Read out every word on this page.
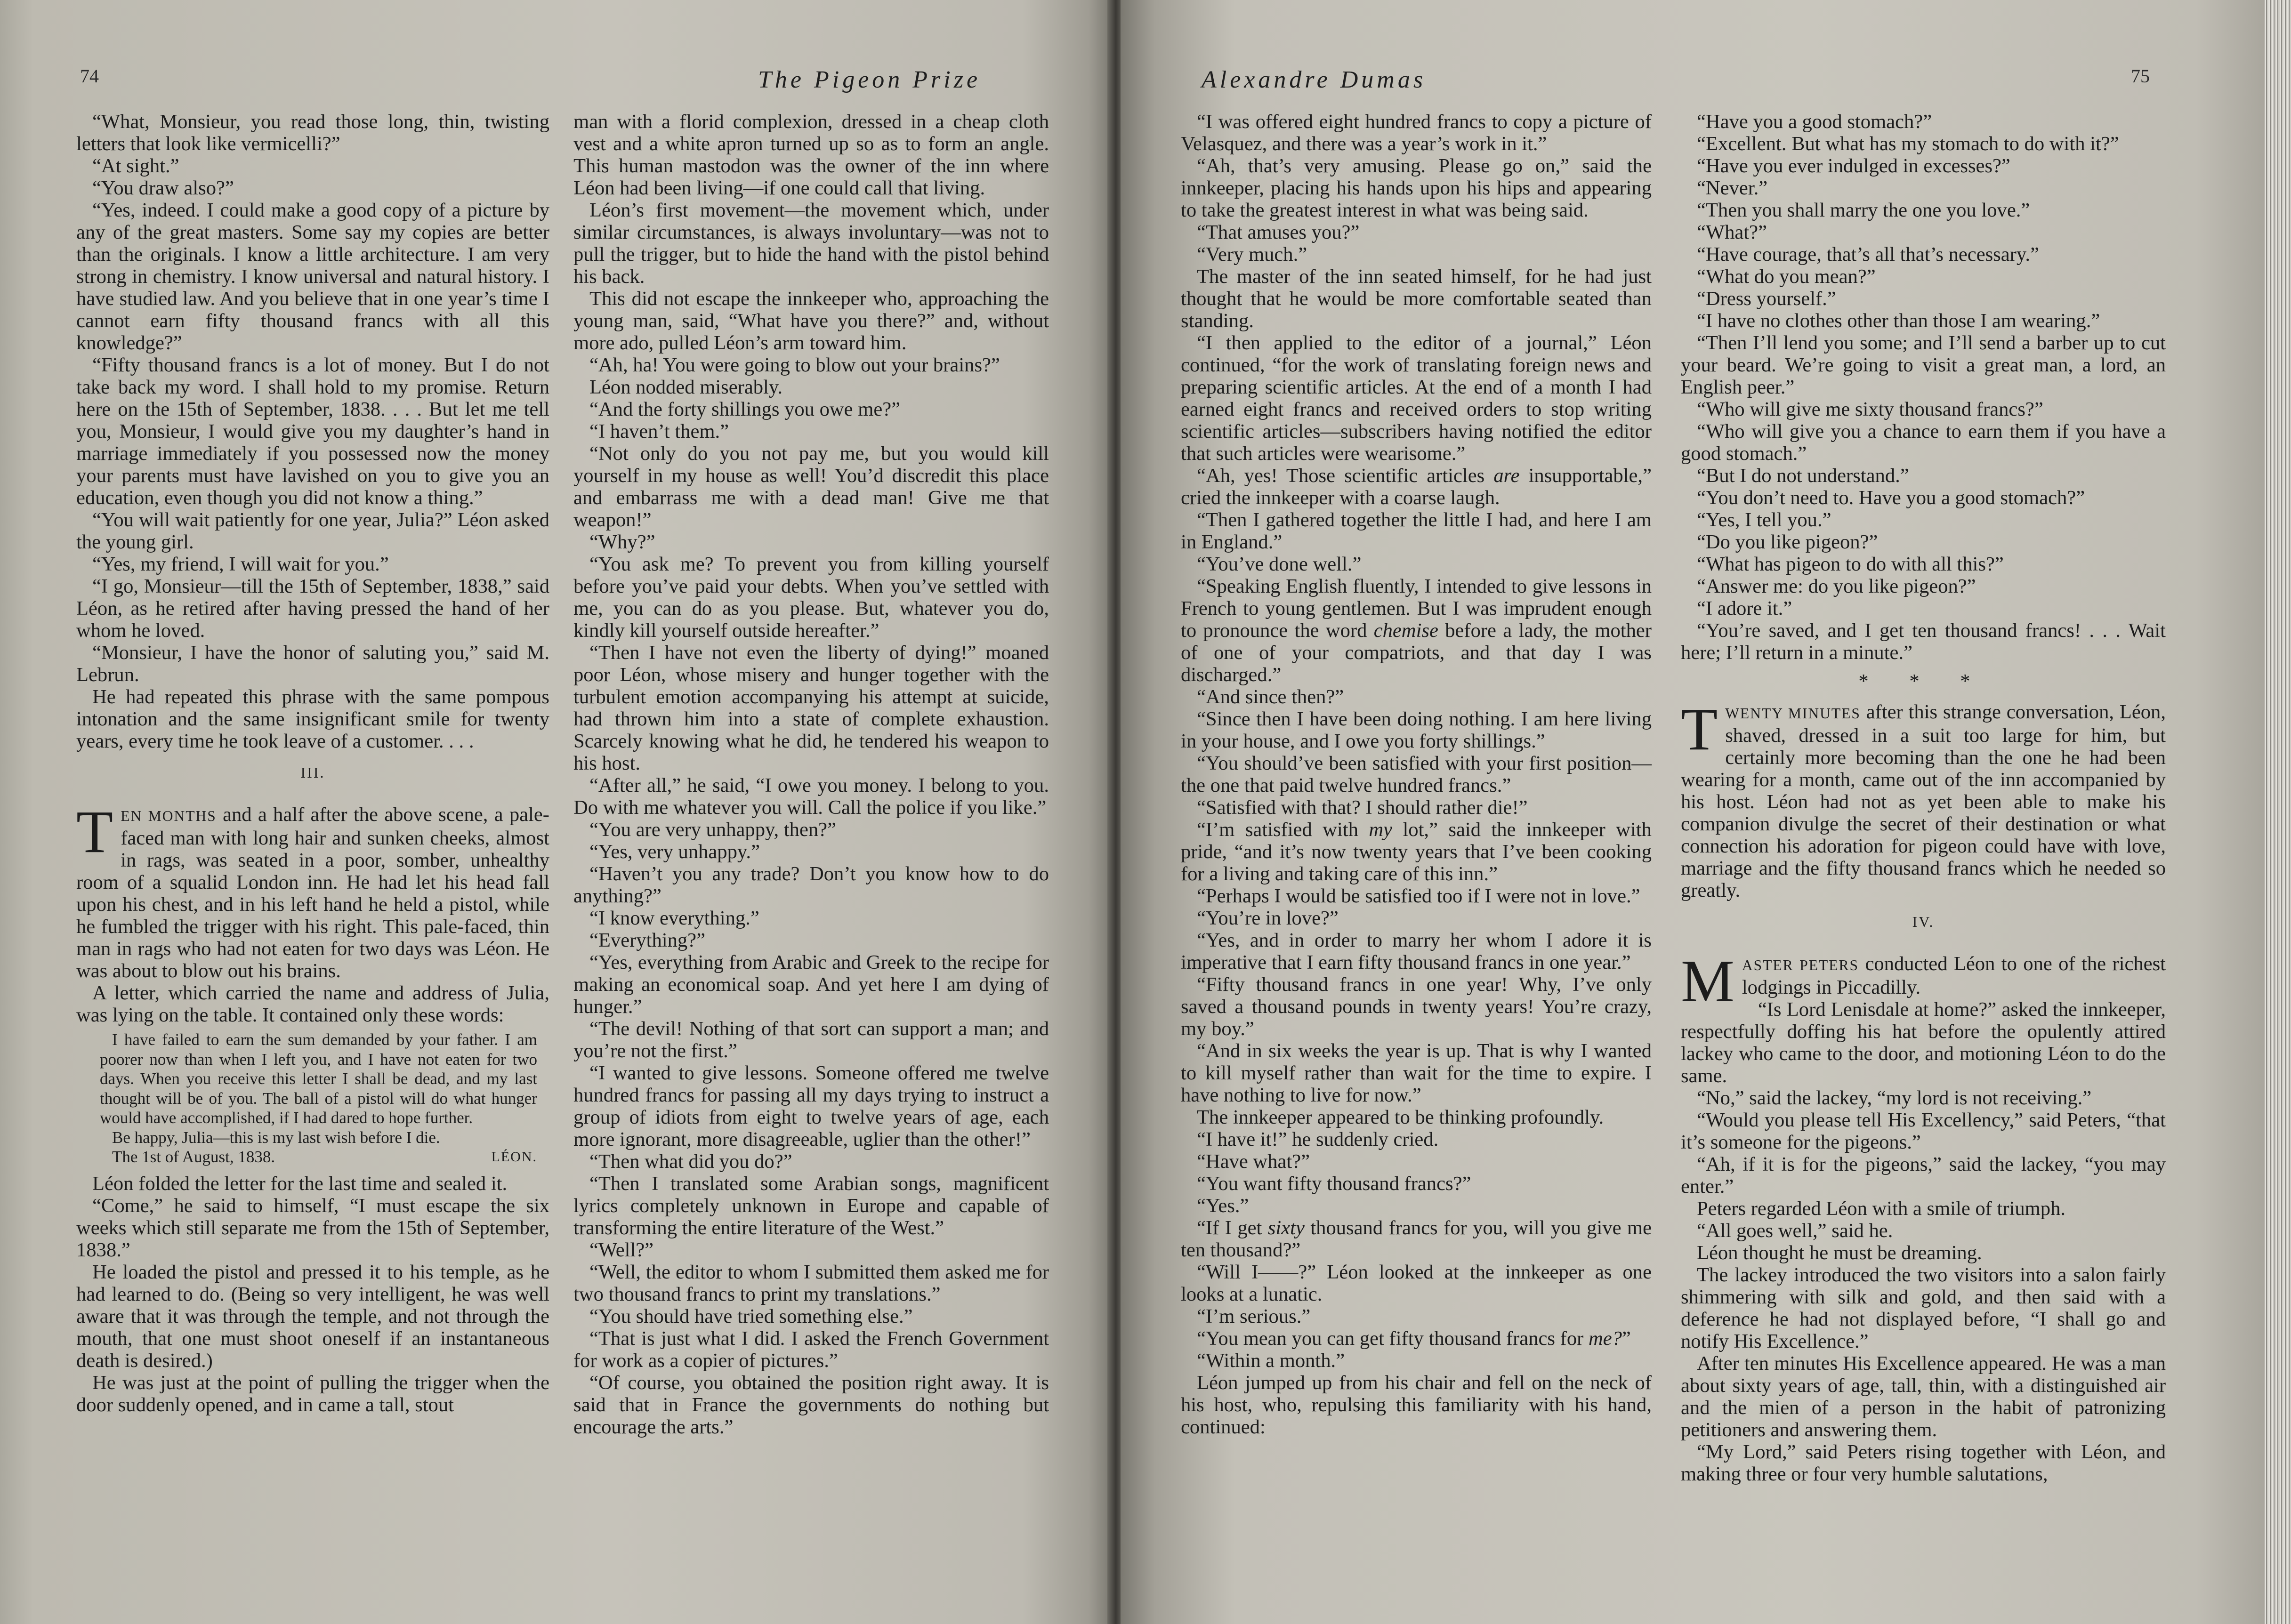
74	The Pigeon Prize

“What, Monsieur, you read those long, thin, twisting letters that look like vermicelli?”

“At sight.”

“You draw also?”

“Yes, indeed. I could make a good copy of a picture by any of the great masters. Some say my copies are better than the originals. I know a little architecture. I am very strong in chemistry. I know universal and natural history. I have studied law. And you believe that in one year’s time I cannot earn fifty thousand francs with all this knowledge?”

“Fifty thousand francs is a lot of money. But I do not take back my word. I shall hold to my promise. Return here on the 15th of September, 1838. . . . But let me tell you, Monsieur, I would give you my daughter’s hand in marriage immediately if you possessed now the money your parents must have lavished on you to give you an education, even though you did not know a thing.”

“You will wait patiently for one year, Julia?” Léon asked the young girl.

“Yes, my friend, I will wait for you.”

“I go, Monsieur—till the 15th of September, 1838,” said Léon, as he retired after having pressed the hand of her whom he loved.

“Monsieur, I have the honor of saluting you,” said M. Lebrun.

He had repeated this phrase with the same pompous intonation and the same insignificant smile for twenty years, every time he took leave of a customer. . . .

III.

TEN MONTHS and a half after the above scene, a pale-faced man with long hair and sunken cheeks, almost in rags, was seated in a poor, somber, unhealthy room of a squalid London inn. He had let his head fall upon his chest, and in his left hand he held a pistol, while he fumbled the trigger with his right. This pale-faced, thin man in rags who had not eaten for two days was Léon. He was about to blow out his brains.

A letter, which carried the name and address of Julia, was lying on the table. It contained only these words:

I have failed to earn the sum demanded by your father. I am poorer now than when I left you, and I have not eaten for two days. When you receive this letter I shall be dead, and my last thought will be of you. The ball of a pistol will do what hunger would have accomplished, if I had dared to hope further.

Be happy, Julia—this is my last wish before I die.

The 1st of August, 1838.	LÉON.

Léon folded the letter for the last time and sealed it.

“Come,” he said to himself, “I must escape the six weeks which still separate me from the 15th of September, 1838.”

He loaded the pistol and pressed it to his temple, as he had learned to do. (Being so very intelligent, he was well aware that it was through the temple, and not through the mouth, that one must shoot oneself if an instantaneous death is desired.)

He was just at the point of pulling the trigger when the door suddenly opened, and in came a tall, stout

man with a florid complexion, dressed in a cheap cloth vest and a white apron turned up so as to form an angle. This human mastodon was the owner of the inn where Léon had been living—if one could call that living.

Léon’s first movement—the movement which, under similar circumstances, is always involuntary—was not to pull the trigger, but to hide the hand with the pistol behind his back.

This did not escape the innkeeper who, approaching the young man, said, “What have you there?” and, without more ado, pulled Léon’s arm toward him.

“Ah, ha! You were going to blow out your brains?”

Léon nodded miserably.

“And the forty shillings you owe me?”

“I haven’t them.”

“Not only do you not pay me, but you would kill yourself in my house as well! You’d discredit this place and embarrass me with a dead man! Give me that weapon!”

“Why?”

“You ask me? To prevent you from killing yourself before you’ve paid your debts. When you’ve settled with me, you can do as you please. But, whatever you do, kindly kill yourself outside hereafter.”

“Then I have not even the liberty of dying!” moaned poor Léon, whose misery and hunger together with the turbulent emotion accompanying his attempt at suicide, had thrown him into a state of complete exhaustion. Scarcely knowing what he did, he tendered his weapon to his host.

“After all,” he said, “I owe you money. I belong to you. Do with me whatever you will. Call the police if you like.”

“You are very unhappy, then?”

“Yes, very unhappy.”

“Haven’t you any trade? Don’t you know how to do anything?”

“I know everything.”

“Everything?”

“Yes, everything from Arabic and Greek to the recipe for making an economical soap. And yet here I am dying of hunger.”

“The devil! Nothing of that sort can support a man; and you’re not the first.”

“I wanted to give lessons. Someone offered me twelve hundred francs for passing all my days trying to instruct a group of idiots from eight to twelve years of age, each more ignorant, more disagreeable, uglier than the other!”

“Then what did you do?”

“Then I translated some Arabian songs, magnificent lyrics completely unknown in Europe and capable of transforming the entire literature of the West.”

“Well?”

“Well, the editor to whom I submitted them asked me for two thousand francs to print my translations.”

“You should have tried something else.”

“That is just what I did. I asked the French Government for work as a copier of pictures.”

“Of course, you obtained the position right away. It is said that in France the governments do nothing but encourage the arts.”

Alexandre Dumas	75

“I was offered eight hundred francs to copy a picture of Velasquez, and there was a year’s work in it.”

“Ah, that’s very amusing. Please go on,” said the innkeeper, placing his hands upon his hips and appearing to take the greatest interest in what was being said.

“That amuses you?”

“Very much.”

The master of the inn seated himself, for he had just thought that he would be more comfortable seated than standing.

“I then applied to the editor of a journal,” Léon continued, “for the work of translating foreign news and preparing scientific articles. At the end of a month I had earned eight francs and received orders to stop writing scientific articles—subscribers having notified the editor that such articles were wearisome.”

“Ah, yes! Those scientific articles are insupportable,” cried the innkeeper with a coarse laugh.

“Then I gathered together the little I had, and here I am in England.”

“You’ve done well.”

“Speaking English fluently, I intended to give lessons in French to young gentlemen. But I was imprudent enough to pronounce the word chemise before a lady, the mother of one of your compatriots, and that day I was discharged.”

“And since then?”

“Since then I have been doing nothing. I am here living in your house, and I owe you forty shillings.”

“You should’ve been satisfied with your first position—the one that paid twelve hundred francs.”

“Satisfied with that? I should rather die!”

“I’m satisfied with my lot,” said the innkeeper with pride, “and it’s now twenty years that I’ve been cooking for a living and taking care of this inn.”

“Perhaps I would be satisfied too if I were not in love.”

“You’re in love?”

“Yes, and in order to marry her whom I adore it is imperative that I earn fifty thousand francs in one year.”

“Fifty thousand francs in one year! Why, I’ve only saved a thousand pounds in twenty years! You’re crazy, my boy.”

“And in six weeks the year is up. That is why I wanted to kill myself rather than wait for the time to expire. I have nothing to live for now.”

The innkeeper appeared to be thinking profoundly.

“I have it!” he suddenly cried.

“Have what?”

“You want fifty thousand francs?”

“Yes.”

“If I get sixty thousand francs for you, will you give me ten thousand?”

“Will I——?” Léon looked at the innkeeper as one looks at a lunatic.

“I’m serious.”

“You mean you can get fifty thousand francs for me?”

“Within a month.”

Léon jumped up from his chair and fell on the neck of his host, who, repulsing this familiarity with his hand, continued:

“Have you a good stomach?”

“Excellent. But what has my stomach to do with it?”

“Have you ever indulged in excesses?”

“Never.”

“Then you shall marry the one you love.”

“What?”

“Have courage, that’s all that’s necessary.”

“What do you mean?”

“Dress yourself.”

“I have no clothes other than those I am wearing.”

“Then I’ll lend you some; and I’ll send a barber up to cut your beard. We’re going to visit a great man, a lord, an English peer.”

“Who will give me sixty thousand francs?”

“Who will give you a chance to earn them if you have a good stomach.”

“But I do not understand.”

“You don’t need to. Have you a good stomach?”

“Yes, I tell you.”

“Do you like pigeon?”

“What has pigeon to do with all this?”

“Answer me: do you like pigeon?”

“I adore it.”

“You’re saved, and I get ten thousand francs! . . . Wait here; I’ll return in a minute.”

* * *

TWENTY MINUTES after this strange conversation, Léon, shaved, dressed in a suit too large for him, but certainly more becoming than the one he had been wearing for a month, came out of the inn accompanied by his host. Léon had not as yet been able to make his companion divulge the secret of their destination or what connection his adoration for pigeon could have with love, marriage and the fifty thousand francs which he needed so greatly.

IV.

MASTER PETERS conducted Léon to one of the richest lodgings in Piccadilly.

“Is Lord Lenisdale at home?” asked the innkeeper, respectfully doffing his hat before the opulently attired lackey who came to the door, and motioning Léon to do the same.

“No,” said the lackey, “my lord is not receiving.”

“Would you please tell His Excellency,” said Peters, “that it’s someone for the pigeons.”

“Ah, if it is for the pigeons,” said the lackey, “you may enter.”

Peters regarded Léon with a smile of triumph.

“All goes well,” said he.

Léon thought he must be dreaming.

The lackey introduced the two visitors into a salon fairly shimmering with silk and gold, and then said with a deference he had not displayed before, “I shall go and notify His Excellence.”

After ten minutes His Excellence appeared. He was a man about sixty years of age, tall, thin, with a distinguished air and the mien of a person in the habit of patronizing petitioners and answering them.

“My Lord,” said Peters rising together with Léon, and making three or four very humble salutations,
